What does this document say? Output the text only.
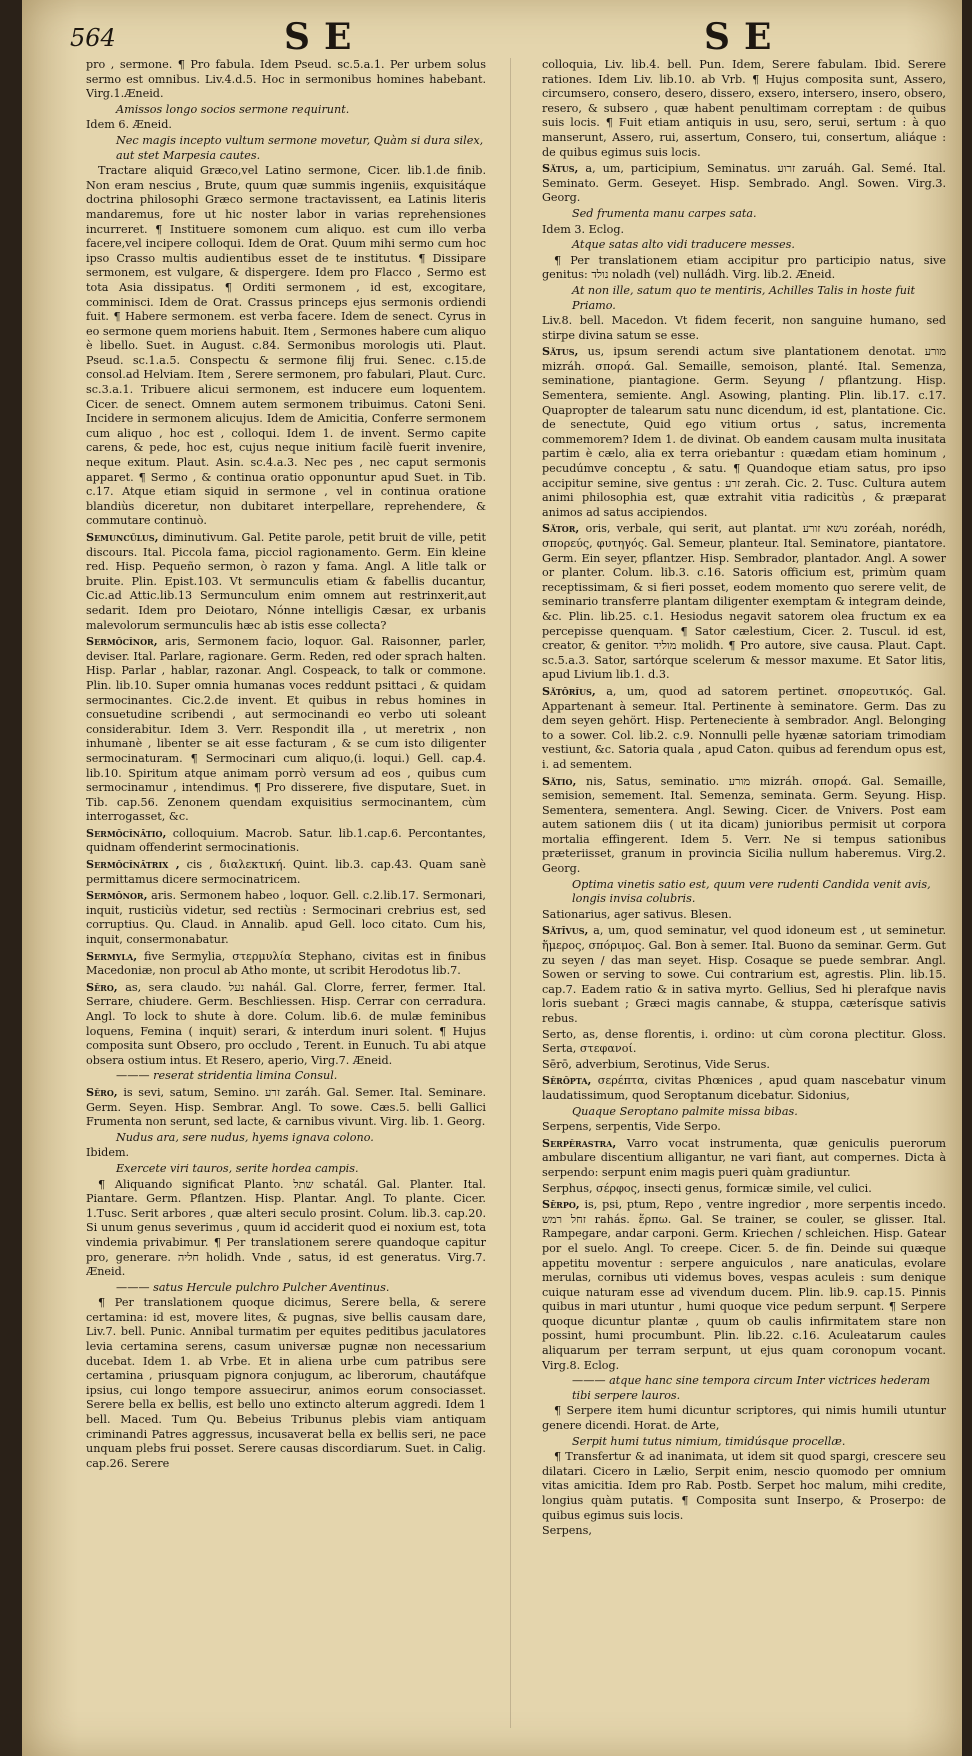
564	SE	SE

pro , sermone. ¶ Pro fabula. Idem Pseud. sc.5.a.1. Per urbem solus sermo est omnibus. Liv.4.d.5. Hoc in sermonibus homines habebant. Virg.1.Æneid.

Amissos longo socios sermone requirunt.

Idem 6. Æneid.

Nec magis incepto vultum sermone movetur, Quàm si dura silex, aut stet Marpesia cautes.

Tractare aliquid Græco,vel Latino sermone, Cicer. lib.1.de finib. Non eram nescius , Brute, quum quæ summis ingeniis, exquisitáque doctrina philosophi Græco sermone tractavissent, ea Latinis literis mandaremus, fore ut hic noster labor in varias reprehensiones incurreret. ¶ Instituere somonem cum aliquo. est cum illo verba facere,vel incipere colloqui. Idem de Orat. Quum mihi sermo cum hoc ipso Crasso multis audientibus esset de te institutus. ¶ Dissipare sermonem, est vulgare, & dispergere. Idem pro Flacco , Sermo est tota Asia dissipatus. ¶ Orditi sermonem , id est, excogitare, comminisci. Idem de Orat. Crassus princeps ejus sermonis ordiendi fuit. ¶ Habere sermonem. est verba facere. Idem de senect. Cyrus in eo sermone quem moriens habuit. Item , Sermones habere cum aliquo è libello. Suet. in August. c.84. Sermonibus morologis uti. Plaut. Pseud. sc.1.a.5. Conspectu & sermone filij frui. Senec. c.15.de consol.ad Helviam. Item , Serere sermonem, pro fabulari, Plaut. Curc. sc.3.a.1. Tribuere alicui sermonem, est inducere eum loquentem. Cicer. de senect. Omnem autem sermonem tribuimus. Catoni Seni. Incidere in sermonem alicujus. Idem de Amicitia, Conferre sermonem cum aliquo , hoc est , colloqui. Idem 1. de invent. Sermo capite carens, & pede, hoc est, cujus neque initium facilè fuerit invenire, neque exitum. Plaut. Asin. sc.4.a.3. Nec pes , nec caput sermonis apparet. ¶ Sermo , & continua oratio opponuntur apud Suet. in Tib. c.17. Atque etiam siquid in sermone , vel in continua oratione blandiùs diceretur, non dubitaret interpellare, reprehendere, & commutare continuò.

Semuncŭlus, diminutivum. Gal. Petite parole, petit bruit de ville, petit discours. Ital. Piccola fama, picciol ragionamento. Germ. Ein kleine red. Hisp. Pequeño sermon, ò razon y fama. Angl. A litle talk or bruite. Plin. Epist.103. Vt sermunculis etiam & fabellis ducantur, Cic.ad Attic.lib.13 Sermunculum enim omnem aut restrinxerit,aut sedarit. Idem pro Deiotaro, Nónne intelligis Cæsar, ex urbanis malevolorum sermunculis hæc ab istis esse collecta?

Sermōcĭnor, aris, Sermonem facio, loquor. Gal. Raisonner, parler, deviser. Ital. Parlare, ragionare. Germ. Reden, red oder sprach halten. Hisp. Parlar , hablar, razonar. Angl. Cospeack, to talk or commone. Plin. lib.10. Super omnia humanas voces reddunt psittaci , & quidam sermocinantes. Cic.2.de invent. Et quibus in rebus homines in consuetudine scribendi , aut sermocinandi eo verbo uti soleant considerabitur. Idem 3. Verr. Respondit illa , ut meretrix , non inhumanè , libenter se ait esse facturam , & se cum isto diligenter sermocinaturam. ¶ Sermocinari cum aliquo,(i. loqui.) Gell. cap.4. lib.10. Spiritum atque animam porrò versum ad eos , quibus cum sermocinamur , intendimus. ¶ Pro disserere, five disputare, Suet. in Tib. cap.56. Zenonem quendam exquisitius sermocinantem, cùm interrogasset, &c.

Sermōcĭnātio, colloquium. Macrob. Satur. lib.1.cap.6. Percontantes, quidnam offenderint sermocinationis.

Sermōcĭnātrix , cis , διαλεκτική. Quint. lib.3. cap.43. Quam sanè permittamus dicere sermocinatricem.

Sermōnor, aris. Sermonem habeo , loquor. Gell. c.2.lib.17. Sermonari, inquit, rusticiùs videtur, sed rectiùs : Sermocinari crebrius est, sed corruptius. Qu. Claud. in Annalib. apud Gell. loco citato. Cum his, inquit, consermonabatur.

Sermyla, five Sermylia, στερμυλία Stephano, civitas est in finibus Macedoniæ, non procul ab Atho monte, ut scribit Herodotus lib.7.

Sĕro, as, sera claudo. נעל nahál. Gal. Clorre, ferrer, fermer. Ital. Serrare, chiudere. Germ. Beschliessen. Hisp. Cerrar con cerradura. Angl. To lock to shute à dore. Colum. lib.6. de mulæ feminibus loquens, Femina ( inquit) serari, & interdum inuri solent. ¶ Hujus composita sunt Obsero, pro occludo , Terent. in Eunuch. Tu abi atque obsera ostium intus. Et Resero, aperio, Virg.7. Æneid.

——— reserat stridentia limina Consul.

Sĕro, is sevi, satum, Semino. זרע zaráh. Gal. Semer. Ital. Seminare. Germ. Seyen. Hisp. Sembrar. Angl. To sowe. Cæs.5. belli Gallici Frumenta non serunt, sed lacte, & carnibus vivunt. Virg. lib. 1. Georg.

Nudus ara, sere nudus, hyems ignava colono.

Ibidem.

Exercete viri tauros, serite hordea campis.

¶ Aliquando significat Planto. שתל schatál. Gal. Planter. Ital. Piantare. Germ. Pflantzen. Hisp. Plantar. Angl. To plante. Cicer. 1.Tusc. Serit arbores , quæ alteri seculo prosint. Colum. lib.3. cap.20. Si unum genus severimus , quum id acciderit quod ei noxium est, tota vindemia privabimur. ¶ Per translationem serere quandoque capitur pro, generare. חליה holidh. Vnde , satus, id est generatus. Virg.7. Æneid.

——— satus Hercule pulchro Pulcher Aventinus.

¶ Per translationem quoque dicimus, Serere bella, & serere certamina: id est, movere lites, & pugnas, sive bellis causam dare, Liv.7. bell. Punic. Annibal turmatim per equites peditibus jaculatores levia certamina serens, casum universæ pugnæ non necessarium ducebat. Idem 1. ab Vrbe. Et in aliena urbe cum patribus sere certamina , priusquam pignora conjugum, ac liberorum, chautáfque ipsius, cui longo tempore assuecirur, animos eorum consociasset. Serere bella ex bellis, est bello uno extincto alterum aggredi. Idem 1 bell. Maced. Tum Qu. Bebeius Tribunus plebis viam antiquam criminandi Patres aggressus, incusaverat bella ex bellis seri, ne pace unquam plebs frui posset. Serere causas discordiarum. Suet. in Calig. cap.26. Serere

colloquia, Liv. lib.4. bell. Pun. Idem, Serere fabulam. Ibid. Serere rationes. Idem Liv. lib.10. ab Vrb. ¶ Hujus composita sunt, Assero, circumsero, consero, desero, dissero, exsero, intersero, insero, obsero, resero, & subsero , quæ habent penultimam correptam : de quibus suis locis. ¶ Fuit etiam antiquis in usu, sero, serui, sertum : à quo manserunt, Assero, rui, assertum, Consero, tui, consertum, aliáque : de quibus egimus suis locis.

Sătus, a, um, participium, Seminatus. זרוע zaruáh. Gal. Semé. Ital. Seminato. Germ. Geseyet. Hisp. Sembrado. Angl. Sowen. Virg.3. Georg.

Sed frumenta manu carpes sata.

Idem 3. Eclog.

Atque satas alto vidi traducere messes.

¶ Per translationem etiam accipitur pro participio natus, sive genitus: נולד noladh (vel) nulládh. Virg. lib.2. Æneid.

At non ille, satum quo te mentiris, Achilles Talis in hoste fuit Priamo.

Liv.8. bell. Macedon. Vt fidem fecerit, non sanguine humano, sed stirpe divina satum se esse.

Sătus, us, ipsum serendi actum sive plantationem denotat. מורע mizráh. σπορά. Gal. Semaille, semoison, planté. Ital. Semenza, seminatione, piantagione. Germ. Seyung / pflantzung. Hisp. Sementera, semiente. Angl. Asowing, planting. Plin. lib.17. c.17. Quapropter de talearum satu nunc dicendum, id est, plantatione. Cic. de senectute, Quid ego vitium ortus , satus, incrementa commemorem? Idem 1. de divinat. Ob eandem causam multa inusitata partim è cælo, alia ex terra oriebantur : quædam etiam hominum , pecudúmve conceptu , & satu. ¶ Quandoque etiam satus, pro ipso accipitur semine, sive gentus : זרע zerah. Cic. 2. Tusc. Cultura autem animi philosophia est, quæ extrahit vitia radicitùs , & præparat animos ad satus accipiendos.

Sător, oris, verbale, qui serit, aut plantat. נושא זורע zoréah, norédh, σπορεύς, φυτηγός. Gal. Semeur, planteur. Ital. Seminatore, piantatore. Germ. Ein seyer, pflantzer. Hisp. Sembrador, plantador. Angl. A sower or planter. Colum. lib.3. c.16. Satoris officium est, primùm quam receptissimam, & si fieri posset, eodem momento quo serere velit, de seminario transferre plantam diligenter exemptam & integram deinde, &c. Plin. lib.25. c.1. Hesiodus negavit satorem olea fructum ex ea percepisse quenquam. ¶ Sator cælestium, Cicer. 2. Tuscul. id est, creator, & genitor. מוליד molidh. ¶ Pro autore, sive causa. Plaut. Capt. sc.5.a.3. Sator, sartórque scelerum & messor maxume. Et Sator litis, apud Livium lib.1. d.3.

Sătōrĭus, a, um, quod ad satorem pertinet. σπορευτικός. Gal. Appartenant à semeur. Ital. Pertinente à seminatore. Germ. Das zu dem seyen gehört. Hisp. Perteneciente à sembrador. Angl. Belonging to a sower. Col. lib.2. c.9. Nonnulli pelle hyænæ satoriam trimodiam vestiunt, &c. Satoria quala , apud Caton. quibus ad ferendum opus est, i. ad sementem.

Sătio, nis, Satus, seminatio. מורע mizráh. σπορά. Gal. Semaille, semision, semement. Ital. Semenza, seminata. Germ. Seyung. Hisp. Sementera, sementera. Angl. Sewing. Cicer. de Vnivers. Post eam autem sationem diis ( ut ita dicam) junioribus permisit ut corpora mortalia effingerent. Idem 5. Verr. Ne si tempus sationibus præteriisset, granum in provincia Sicilia nullum haberemus. Virg.2. Georg.

Optima vinetis satio est, quum vere rudenti Candida venit avis, longis invisa colubris.

Sationarius, ager sativus. Blesen.

Sătīvus, a, um, quod seminatur, vel quod idoneum est , ut seminetur. ἥμερος, σπόριμος. Gal. Bon à semer. Ital. Buono da seminar. Germ. Gut zu seyen / das man seyet. Hisp. Cosaque se puede sembrar. Angl. Sowen or serving to sowe. Cui contrarium est, agrestis. Plin. lib.15. cap.7. Eadem ratio & in sativa myrto. Gellius, Sed hi plerafque navis loris suebant ; Græci magis cannabe, & stuppa, cæterísque sativis rebus.

Serto, as, dense florentis, i. ordino: ut cùm corona plectitur. Gloss. Serta, στεφανοί.

Sērō, adverbium, Serotinus, Vide Serus.

Sĕrōpta, σερέπτα, civitas Phœnices , apud quam nascebatur vinum laudatissimum, quod Seroptanum dicebatur. Sidonius,

Quaque Seroptano palmite missa bibas.

Serpens, serpentis, Vide Serpo.

Serpĕrastra, Varro vocat instrumenta, quæ geniculis puerorum ambulare discentium alligantur, ne vari fiant, aut compernes. Dicta à serpendo: serpunt enim magis pueri quàm gradiuntur.

Serphus, σέρφος, insecti genus, formicæ simile, vel culici.

Sērpo, is, psi, ptum, Repo , ventre ingredior , more serpentis incedo. זחל רמש rahás. ἕρπω. Gal. Se trainer, se couler, se glisser. Ital. Rampegare, andar carponi. Germ. Kriechen / schleichen. Hisp. Gatear por el suelo. Angl. To creepe. Cicer. 5. de fin. Deinde sui quæque appetitu moventur : serpere anguiculos , nare anaticulas, evolare merulas, cornibus uti videmus boves, vespas aculeis : sum denique cuique naturam esse ad vivendum ducem. Plin. lib.9. cap.15. Pinnis quibus in mari utuntur , humi quoque vice pedum serpunt. ¶ Serpere quoque dicuntur plantæ , quum ob caulis infirmitatem stare non possint, humi procumbunt. Plin. lib.22. c.16. Aculeatarum caules aliquarum per terram serpunt, ut ejus quam coronopum vocant. Virg.8. Eclog.

——— atque hanc sine tempora circum Inter victrices hederam tibi serpere lauros.

¶ Serpere item humi dicuntur scriptores, qui nimis humili utuntur genere dicendi. Horat. de Arte,

Serpit humi tutus nimium, timidúsque procellæ.

¶ Transfertur & ad inanimata, ut idem sit quod spargi, crescere seu dilatari. Cicero in Lælio, Serpit enim, nescio quomodo per omnium vitas amicitia. Idem pro Rab. Postb. Serpet hoc malum, mihi credite, longius quàm putatis. ¶ Composita sunt Inserpo, & Proserpo: de quibus egimus suis locis.

Serpens,
